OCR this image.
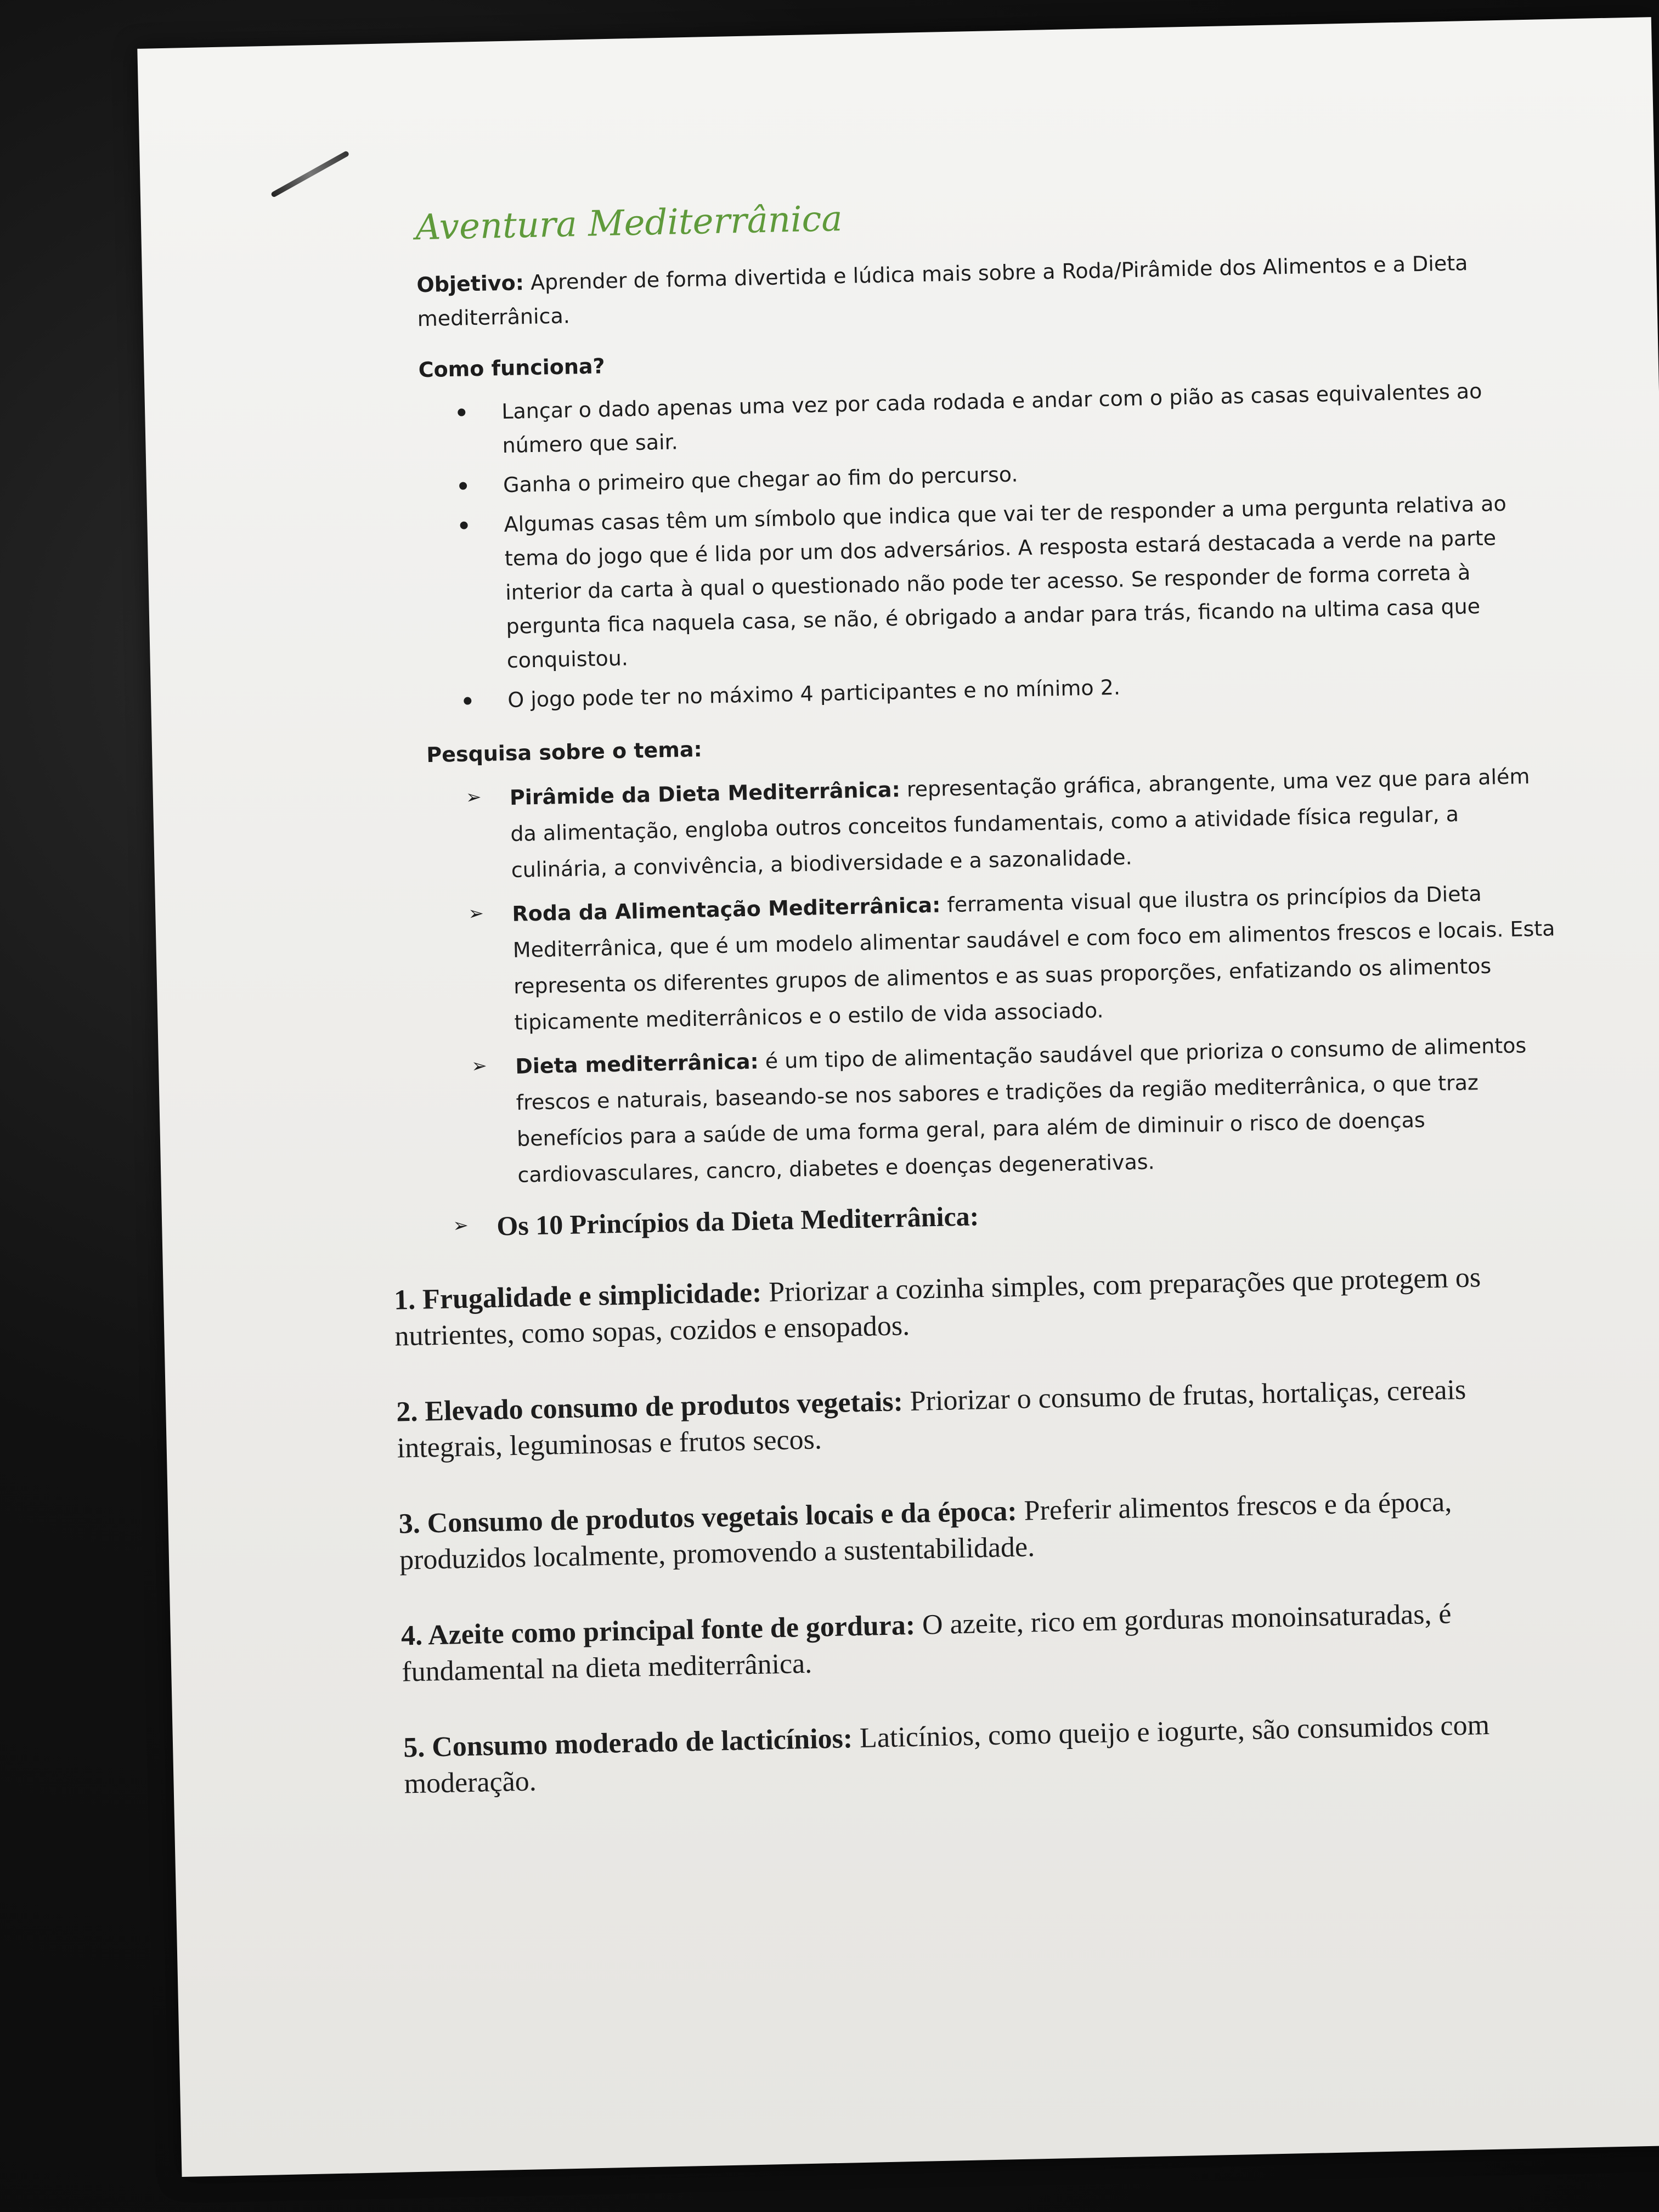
Aventura Mediterrânica

Objetivo: Aprender de forma divertida e lúdica mais sobre a Roda/Pirâmide dos Alimentos e a Dieta mediterrânica.

Como funciona?
Lançar o dado apenas uma vez por cada rodada e andar com o pião as casas equivalentes ao número que sair.
Ganha o primeiro que chegar ao fim do percurso.
Algumas casas têm um símbolo que indica que vai ter de responder a uma pergunta relativa ao tema do jogo que é lida por um dos adversários. A resposta estará destacada a verde na parte interior da carta à qual o questionado não pode ter acesso. Se responder de forma correta à pergunta fica naquela casa, se não, é obrigado a andar para trás, ficando na ultima casa que conquistou.
O jogo pode ter no máximo 4 participantes e no mínimo 2.
Pesquisa sobre o tema:
➢ Pirâmide da Dieta Mediterrânica: representação gráfica, abrangente, uma vez que para além da alimentação, engloba outros conceitos fundamentais, como a atividade física regular, a culinária, a convivência, a biodiversidade e a sazonalidade.
➢ Roda da Alimentação Mediterrânica: ferramenta visual que ilustra os princípios da Dieta Mediterrânica, que é um modelo alimentar saudável e com foco em alimentos frescos e locais. Esta representa os diferentes grupos de alimentos e as suas proporções, enfatizando os alimentos tipicamente mediterrânicos e o estilo de vida associado.
➢ Dieta mediterrânica: é um tipo de alimentação saudável que prioriza o consumo de alimentos frescos e naturais, baseando-se nos sabores e tradições da região mediterrânica, o que traz benefícios para a saúde de uma forma geral, para além de diminuir o risco de doenças cardiovasculares, cancro, diabetes e doenças degenerativas.
➢ Os 10 Princípios da Dieta Mediterrânica:

1. Frugalidade e simplicidade: Priorizar a cozinha simples, com preparações que protegem os nutrientes, como sopas, cozidos e ensopados.

2. Elevado consumo de produtos vegetais: Priorizar o consumo de frutas, hortaliças, cereais integrais, leguminosas e frutos secos.

3. Consumo de produtos vegetais locais e da época: Preferir alimentos frescos e da época, produzidos localmente, promovendo a sustentabilidade.

4. Azeite como principal fonte de gordura: O azeite, rico em gorduras monoinsaturadas, é fundamental na dieta mediterrânica.

5. Consumo moderado de lacticínios: Laticínios, como queijo e iogurte, são consumidos com moderação.
